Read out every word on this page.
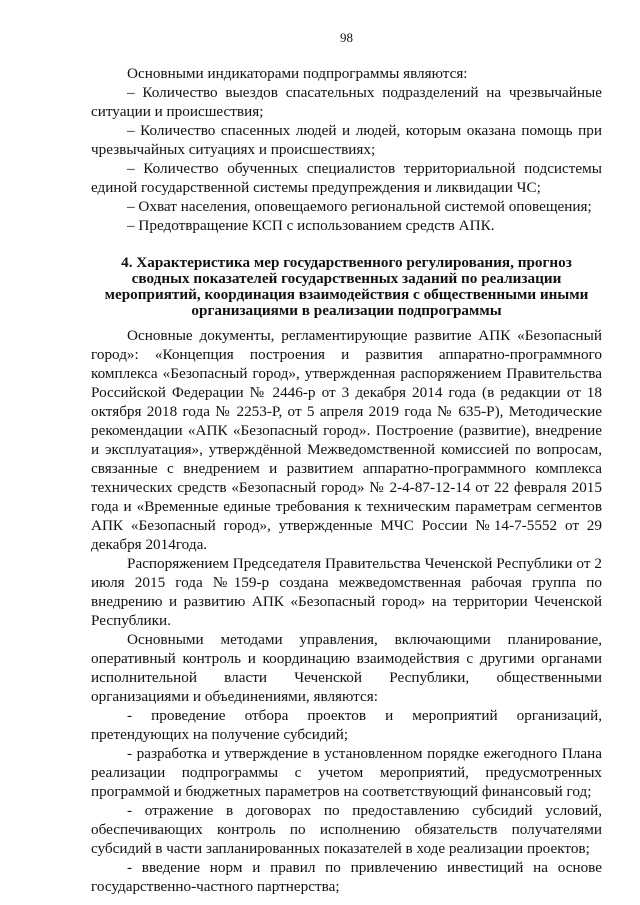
98

Основными индикаторами подпрограммы являются:

– Количество выездов спасательных подразделений на чрезвычайные ситуации и происшествия;

– Количество спасенных людей и людей, которым оказана помощь при чрезвычайных ситуациях и происшествиях;

– Количество обученных специалистов территориальной подсистемы единой государственной системы предупреждения и ликвидации ЧС;

– Охват населения, оповещаемого региональной системой оповещения;

– Предотвращение КСП с использованием средств АПК.

4. Характеристика мер государственного регулирования, прогноз
сводных показателей государственных заданий по реализации
мероприятий, координация взаимодействия с общественными иными
организациями в реализации подпрограммы

Основные документы, регламентирующие развитие АПК «Безопасный город»: «Концепция построения и развития аппаратно-программного комплекса «Безопасный город», утвержденная распоряжением Правительства Российской Федерации № 2446-р от 3 декабря 2014 года (в редакции от 18 октября 2018 года № 2253-Р, от 5 апреля 2019 года № 635-Р), Методические рекомендации «АПК «Безопасный город». Построение (развитие), внедрение и эксплуатация», утверждённой Межведомственной комиссией по вопросам, связанные с внедрением и развитием аппаратно-программного комплекса технических средств «Безопасный город» № 2-4-87-12-14 от 22 февраля 2015 года и «Временные единые требования к техническим параметрам сегментов АПК «Безопасный город», утвержденные МЧС России №14-7-5552 от 29 декабря 2014года.

Распоряжением Председателя Правительства Чеченской Республики от 2 июля 2015 года №159-р создана межведомственная рабочая группа по внедрению и развитию АПК «Безопасный город» на территории Чеченской Республики.

Основными методами управления, включающими планирование, оперативный контроль и координацию взаимодействия с другими органами исполнительной власти Чеченской Республики, общественными организациями и объединениями, являются:

- проведение отбора проектов и мероприятий организаций, претендующих на получение субсидий;

- разработка и утверждение в установленном порядке ежегодного Плана реализации подпрограммы с учетом мероприятий, предусмотренных программой и бюджетных параметров на соответствующий финансовый год;

- отражение в договорах по предоставлению субсидий условий, обеспечивающих контроль по исполнению обязательств получателями субсидий в части запланированных показателей в ходе реализации проектов;

- введение норм и правил по привлечению инвестиций на основе государственно-частного партнерства;
